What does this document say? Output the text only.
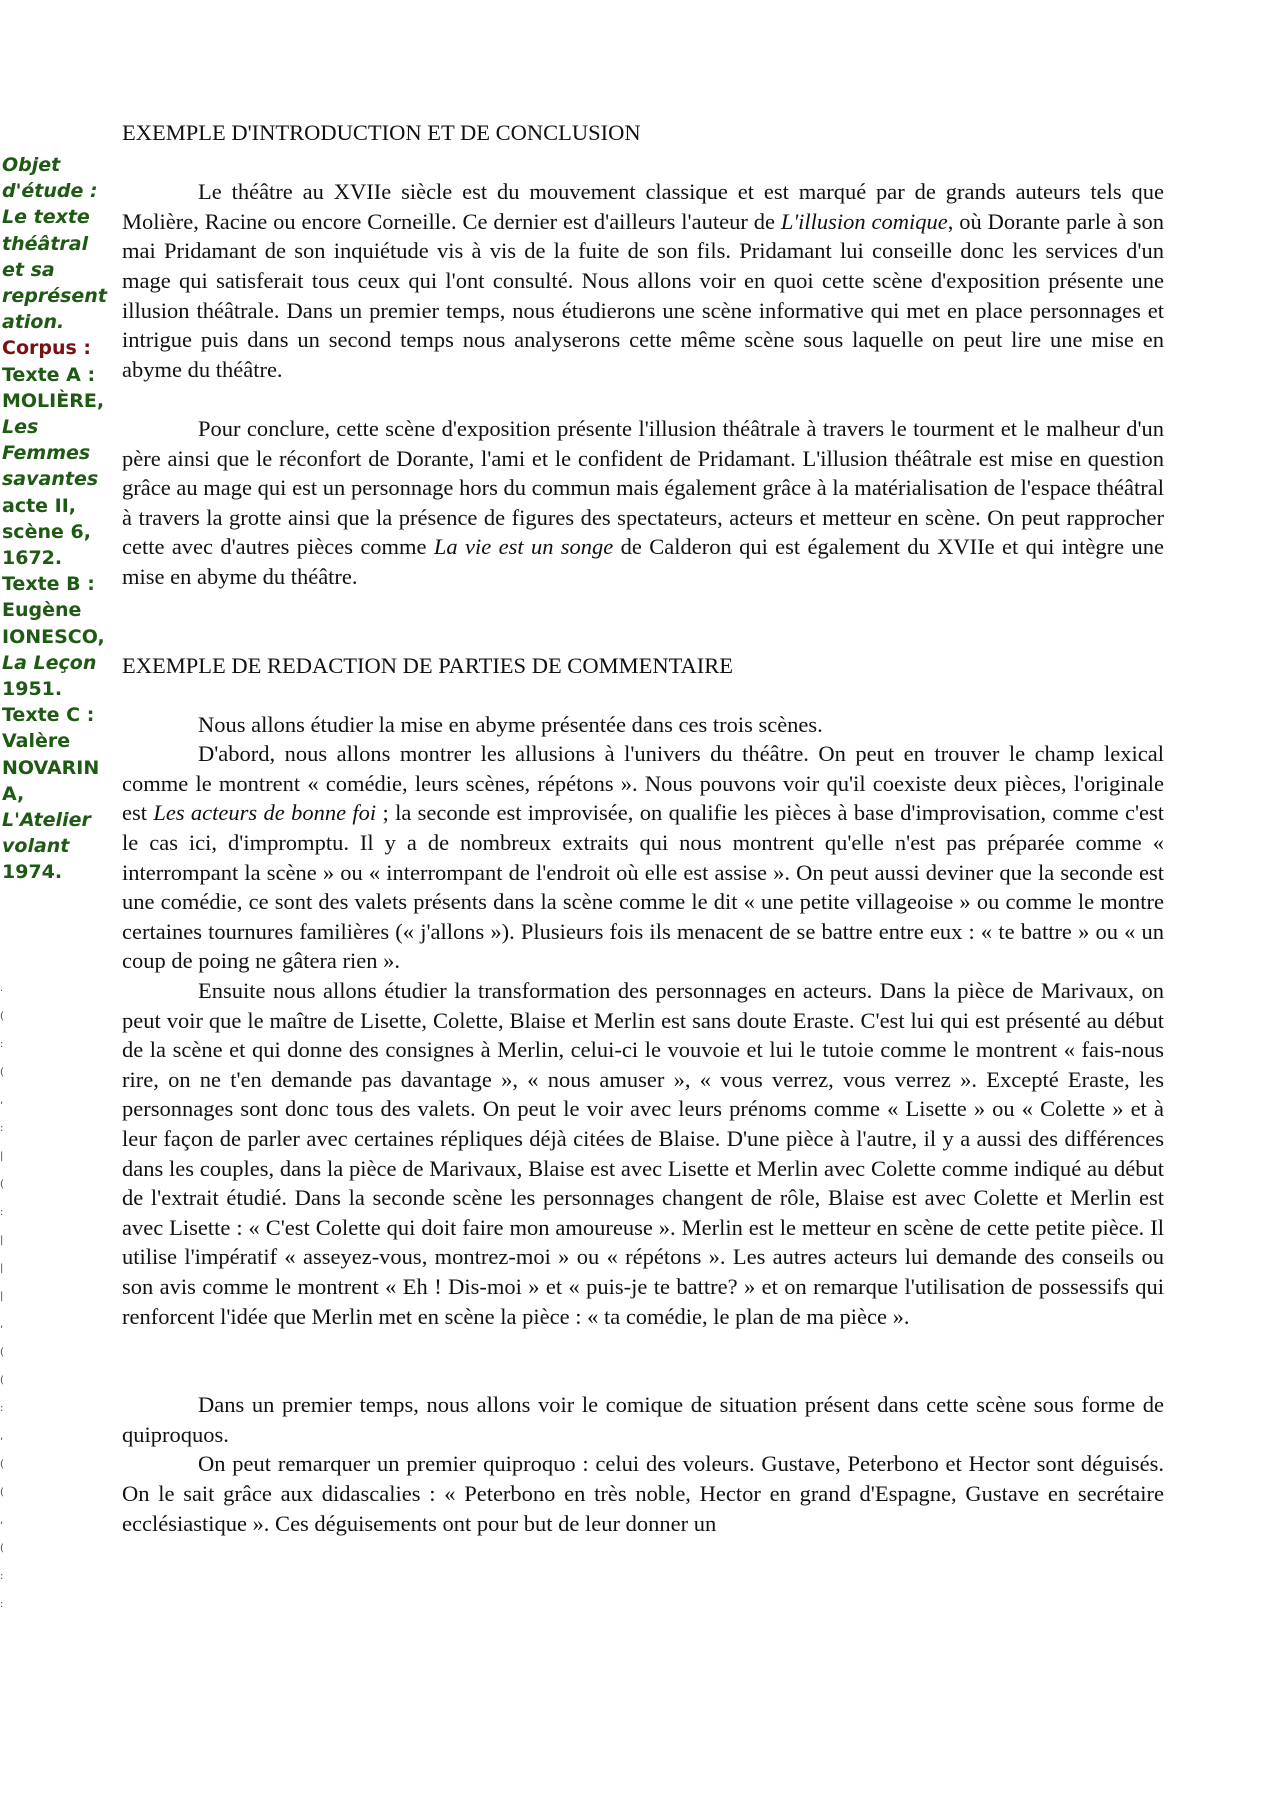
Objet
d'étude :
Le texte
théâtral
et sa
représent
ation.
Corpus :
Texte A :
MOLIÈRE,
Les
Femmes
savantes
acte II,
scène 6,
1672.
Texte B :
Eugène
IONESCO,
La Leçon
1951.
Texte C :
Valère
NOVARIN
A,
L'Atelier
volant
1974.
.
(
:
(
,
:
|
(
:
|
|
|
,
(
(
:
,
(
(
,
(
:
:

EXEMPLE D'INTRODUCTION ET DE CONCLUSION

Le théâtre au XVIIe siècle est du mouvement classique et est marqué par de grands auteurs tels que Molière, Racine ou encore Corneille. Ce dernier est d'ailleurs l'auteur de L'illusion comique, où Dorante parle à son mai Pridamant de son inquiétude vis à vis de la fuite de son fils. Pridamant lui conseille donc les services d'un mage qui satisferait tous ceux qui l'ont consulté. Nous allons voir en quoi cette scène d'exposition présente une illusion théâtrale. Dans un premier temps, nous étudierons une scène informative qui met en place personnages et intrigue puis dans un second temps nous analyserons cette même scène sous laquelle on peut lire une mise en abyme du théâtre.

Pour conclure, cette scène d'exposition présente l'illusion théâtrale à travers le tourment et le malheur d'un père ainsi que le réconfort de Dorante, l'ami et le confident de Pridamant. L'illusion théâtrale est mise en question grâce au mage qui est un personnage hors du commun mais également grâce à la matérialisation de l'espace théâtral à travers la grotte ainsi que la présence de figures des spectateurs, acteurs et metteur en scène. On peut rapprocher cette avec d'autres pièces comme La vie est un songe de Calderon qui est également du XVIIe et qui intègre une mise en abyme du théâtre.

EXEMPLE DE REDACTION DE PARTIES DE COMMENTAIRE

Nous allons étudier la mise en abyme présentée dans ces trois scènes.

D'abord, nous allons montrer les allusions à l'univers du théâtre. On peut en trouver le champ lexical comme le montrent « comédie, leurs scènes, répétons ». Nous pouvons voir qu'il coexiste deux pièces, l'originale est Les acteurs de bonne foi ; la seconde est improvisée, on qualifie les pièces à base d'improvisation, comme c'est le cas ici, d'impromptu. Il y a de nombreux extraits qui nous montrent qu'elle n'est pas préparée comme « interrompant la scène » ou « interrompant de l'endroit où elle est assise ». On peut aussi deviner que la seconde est une comédie, ce sont des valets présents dans la scène comme le dit « une petite villageoise » ou comme le montre certaines tournures familières (« j'allons »). Plusieurs fois ils menacent de se battre entre eux : « te battre » ou « un coup de poing ne gâtera rien ».

Ensuite nous allons étudier la transformation des personnages en acteurs. Dans la pièce de Marivaux, on peut voir que le maître de Lisette, Colette, Blaise et Merlin est sans doute Eraste. C'est lui qui est présenté au début de la scène et qui donne des consignes à Merlin, celui-ci le vouvoie et lui le tutoie comme le montrent « fais-nous rire, on ne t'en demande pas davantage », « nous amuser », « vous verrez, vous verrez ». Excepté Eraste, les personnages sont donc tous des valets. On peut le voir avec leurs prénoms comme « Lisette » ou « Colette » et à leur façon de parler avec certaines répliques déjà citées de Blaise. D'une pièce à l'autre, il y a aussi des différences dans les couples, dans la pièce de Marivaux, Blaise est avec Lisette et Merlin avec Colette comme indiqué au début de l'extrait étudié. Dans la seconde scène les personnages changent de rôle, Blaise est avec Colette et Merlin est avec Lisette : « C'est Colette qui doit faire mon amoureuse ». Merlin est le metteur en scène de cette petite pièce. Il utilise l'impératif « asseyez-vous, montrez-moi » ou « répétons ». Les autres acteurs lui demande des conseils ou son avis comme le montrent « Eh ! Dis-moi » et « puis-je te battre? » et on remarque l'utilisation de possessifs qui renforcent l'idée que Merlin met en scène la pièce : « ta comédie, le plan de ma pièce ».

Dans un premier temps, nous allons voir le comique de situation présent dans cette scène sous forme de quiproquos.

On peut remarquer un premier quiproquo : celui des voleurs. Gustave, Peterbono et Hector sont déguisés. On le sait grâce aux didascalies : « Peterbono en très noble, Hector en grand d'Espagne, Gustave en secrétaire ecclésiastique ». Ces déguisements ont pour but de leur donner un
